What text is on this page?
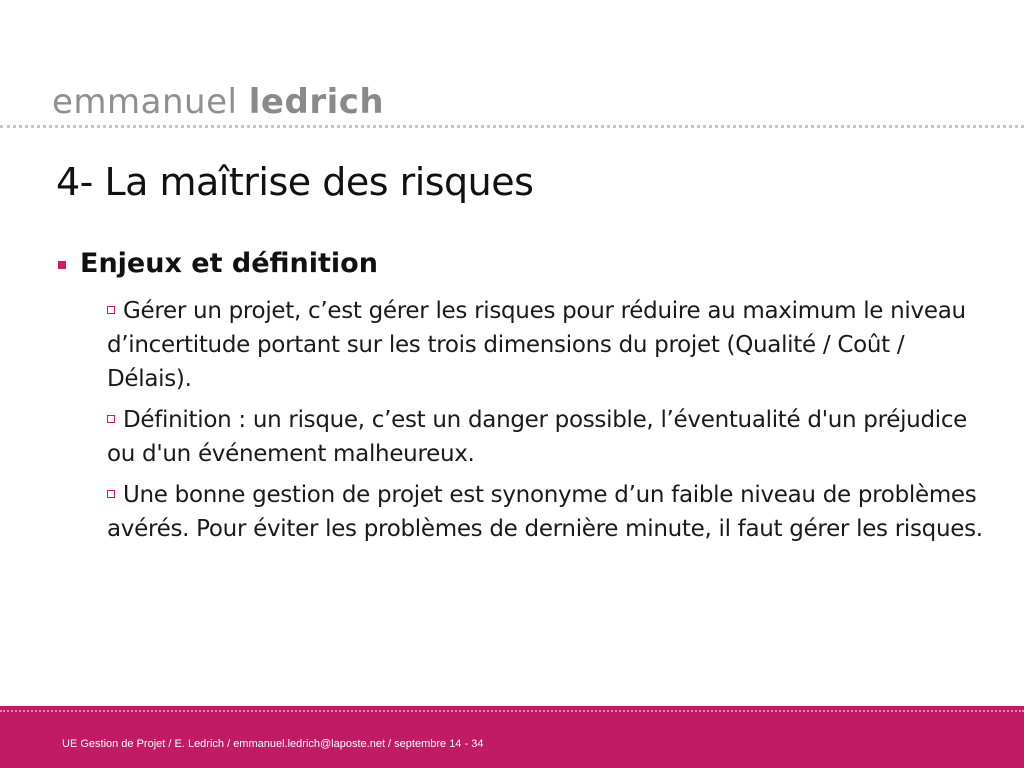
emmanuel ledrich
4- La maîtrise des risques
Enjeux et définition
Gérer un projet, c’est gérer les risques pour réduire au maximum le niveau d’incertitude portant sur les trois dimensions du projet (Qualité / Coût / Délais).
Définition : un risque, c’est un danger possible, l’éventualité d'un préjudice ou d'un événement malheureux.
Une bonne gestion de projet est synonyme d’un faible niveau de problèmes avérés. Pour éviter les problèmes de dernière minute, il faut gérer les risques.
UE Gestion de Projet / E. Ledrich / emmanuel.ledrich@laposte.net / septembre 14 - 34
